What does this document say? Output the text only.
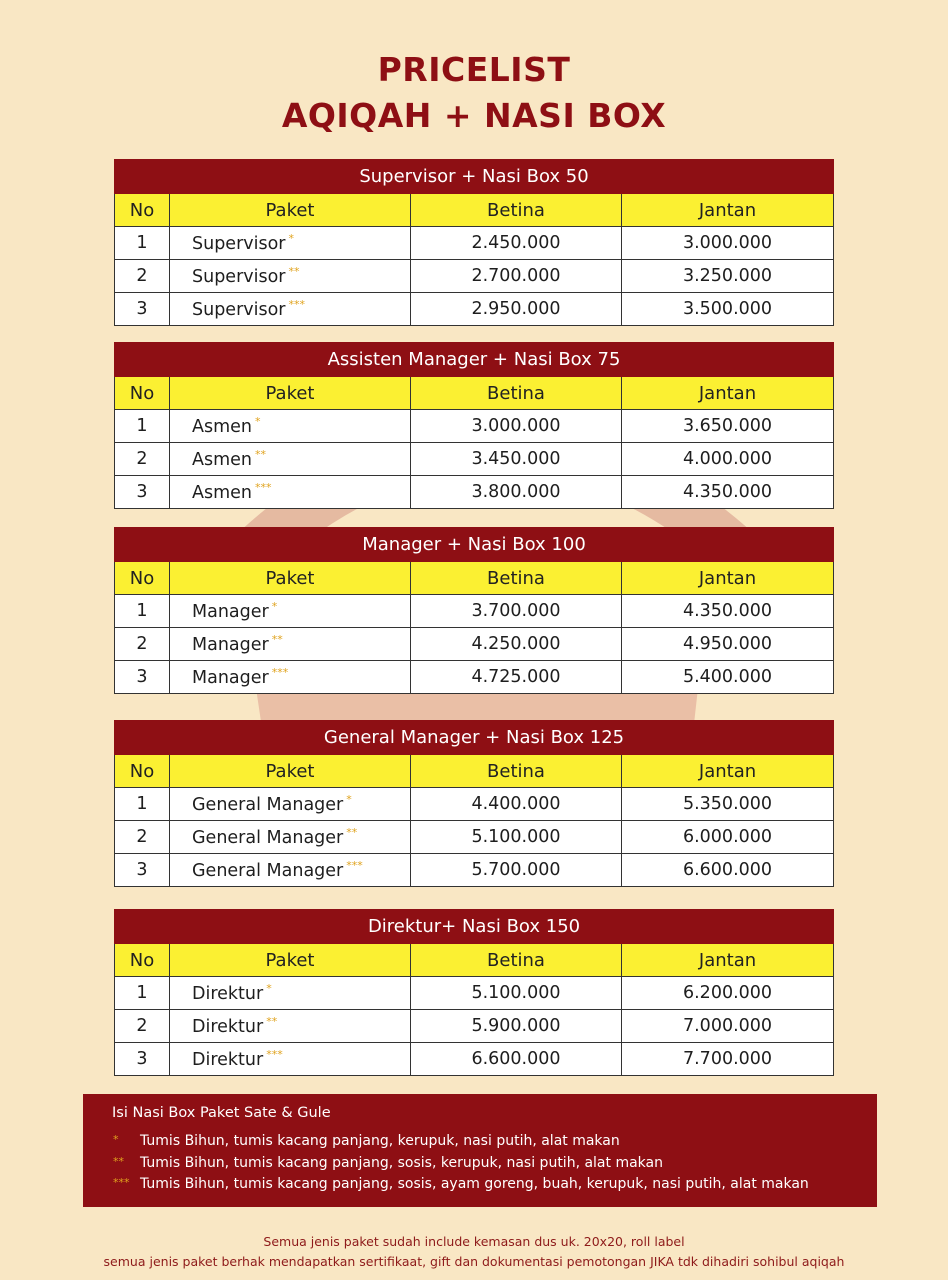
PRICELIST
AQIQAH + NASI BOX
Supervisor + Nasi Box 50			
No	Paket	Betina	Jantan
1	Supervisor *	2.450.000	3.000.000
2	Supervisor **	2.700.000	3.250.000
3	Supervisor ***	2.950.000	3.500.000
Assisten Manager + Nasi Box 75			
No	Paket	Betina	Jantan
1	Asmen *	3.000.000	3.650.000
2	Asmen **	3.450.000	4.000.000
3	Asmen ***	3.800.000	4.350.000
Manager + Nasi Box 100			
No	Paket	Betina	Jantan
1	Manager *	3.700.000	4.350.000
2	Manager **	4.250.000	4.950.000
3	Manager ***	4.725.000	5.400.000
General Manager + Nasi Box 125			
No	Paket	Betina	Jantan
1	General Manager *	4.400.000	5.350.000
2	General Manager **	5.100.000	6.000.000
3	General Manager ***	5.700.000	6.600.000
Direktur+ Nasi Box 150			
No	Paket	Betina	Jantan
1	Direktur *	5.100.000	6.200.000
2	Direktur **	5.900.000	7.000.000
3	Direktur ***	6.600.000	7.700.000
Isi Nasi Box Paket Sate & Gule
* Tumis Bihun, tumis kacang panjang, kerupuk, nasi putih, alat makan
** Tumis Bihun, tumis kacang panjang, sosis, kerupuk, nasi putih, alat makan
*** Tumis Bihun, tumis kacang panjang, sosis, ayam goreng, buah, kerupuk, nasi putih, alat makan
Semua jenis paket sudah include kemasan dus uk. 20x20, roll label
semua jenis paket berhak mendapatkan sertifikaat, gift dan dokumentasi pemotongan JIKA tdk dihadiri sohibul aqiqah
